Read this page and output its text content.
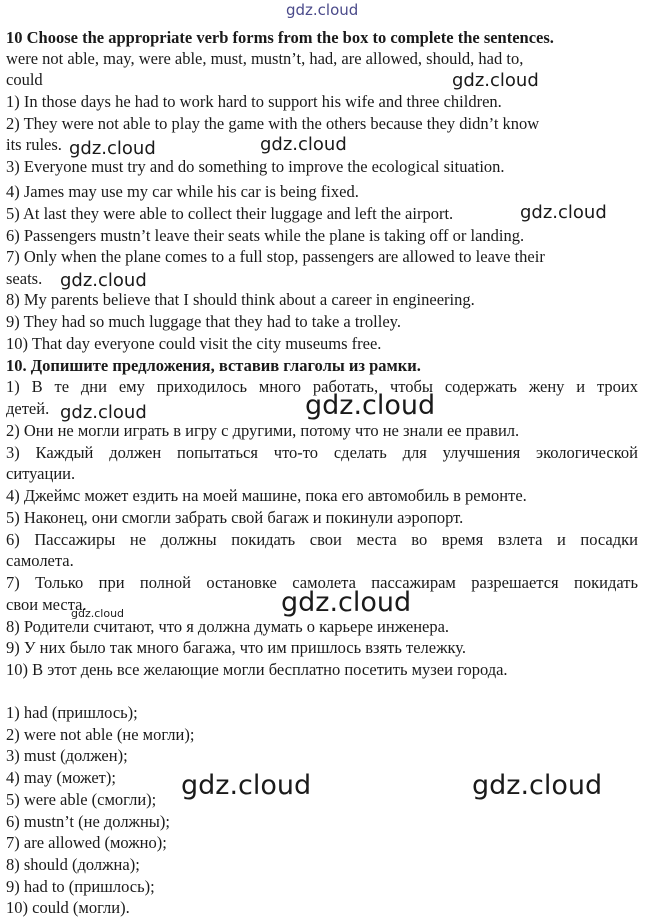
gdz.cloud
10 Choose the appropriate verb forms from the box to complete the sentences.
were not able, may, were able, must, mustn’t, had, are allowed, should, had to,
could
1) In those days he had to work hard to support his wife and three children.
2) They were not able to play the game with the others because they didn’t know
its rules.
3) Everyone must try and do something to improve the ecological situation.
4) James may use my car while his car is being fixed.
5) At last they were able to collect their luggage and left the airport.
6) Passengers mustn’t leave their seats while the plane is taking off or landing.
7) Only when the plane comes to a full stop, passengers are allowed to leave their
seats.
8) My parents believe that I should think about a career in engineering.
9) They had so much luggage that they had to take a trolley.
10) That day everyone could visit the city museums free.
10. Допишите предложения, вставив глаголы из рамки.
1) В те дни ему приходилось много работать, чтобы содержать жену и троих
детей.
2) Они не могли играть в игру с другими, потому что не знали ее правил.
3) Каждый должен попытаться что-то сделать для улучшения экологической
ситуации.
4) Джеймс может ездить на моей машине, пока его автомобиль в ремонте.
5) Наконец, они смогли забрать свой багаж и покинули аэропорт.
6) Пассажиры не должны покидать свои места во время взлета и посадки
самолета.
7) Только при полной остановке самолета пассажирам разрешается покидать
свои места.
8) Родители считают, что я должна думать о карьере инженера.
9) У них было так много багажа, что им пришлось взять тележку.
10) В этот день все желающие могли бесплатно посетить музеи города.
1) had (пришлось);
2) were not able (не могли);
3) must (должен);
4) may (может);
5) were able (смогли);
6) mustn’t (не должны);
7) are allowed (можно);
8) should (должна);
9) had to (пришлось);
10) could (могли).
gdz.cloud
gdz.cloud	gdz.cloud
gdz.cloud
gdz.cloud
gdz.cloud	gdz.cloud
gdz.cloud
gdz.cloud
gdz.cloud	gdz.cloud
